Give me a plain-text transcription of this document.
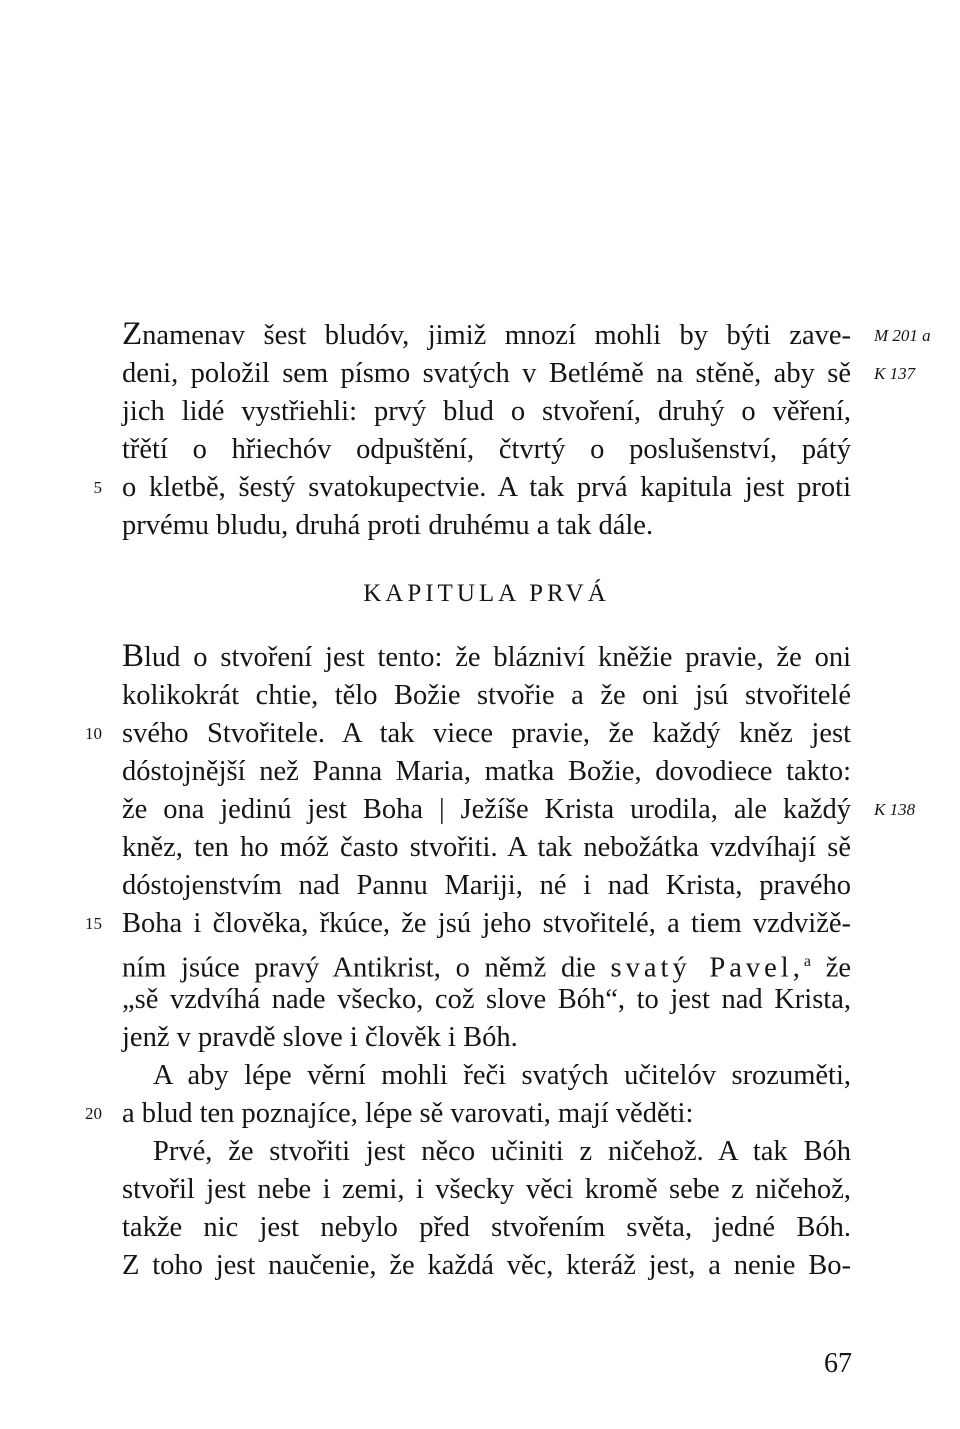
Znamenav šest bludóv, jimiž mnozí mohli by býti zave-
deni, položil sem písmo svatých v Betlémě na stěně, aby sě
jich lidé vystřiehli: prvý blud o stvoření, druhý o věření,
třětí o hřiechóv odpuštění, čtvrtý o poslušenství, pátý
o kletbě, šestý svatokupectvie. A tak prvá kapitula jest proti
prvému bludu, druhá proti druhému a tak dále.
KAPITULA PRVÁ
Blud o stvoření jest tento: že blázniví kněžie pravie, že oni
kolikokrát chtie, tělo Božie stvořie a že oni jsú stvořitelé
svého Stvořitele. A tak viece pravie, že každý kněz jest
dóstojnější než Panna Maria, matka Božie, dovodiece takto:
že ona jedinú jest Boha | Ježíše Krista urodila, ale každý
kněz, ten ho móž často stvořiti. A tak nebožátka vzdvíhají sě
dóstojenstvím nad Pannu Mariji, né i nad Krista, pravého
Boha i člověka, řkúce, že jsú jeho stvořitelé, a tiem vzdvižě-
ním jsúce pravý Antikrist, o němž die svatý Pavel,$^a$ že
„sě vzdvíhá nade všecko, což slove Bóh“, to jest nad Krista,
jenž v pravdě slove i člověk i Bóh.
A aby lépe věrní mohli řeči svatých učitelóv srozuměti,
a blud ten poznajíce, lépe sě varovati, mají věděti:
Prvé, že stvořiti jest něco učiniti z ničehož. A tak Bóh
stvořil jest nebe i zemi, i všecky věci kromě sebe z ničehož,
takže nic jest nebylo před stvořením světa, jedné Bóh.
Z toho jest naučenie, že každá věc, kteráž jest, a nenie Bo-
5
10
15
20
M 201 a
K 137
K 138
67
